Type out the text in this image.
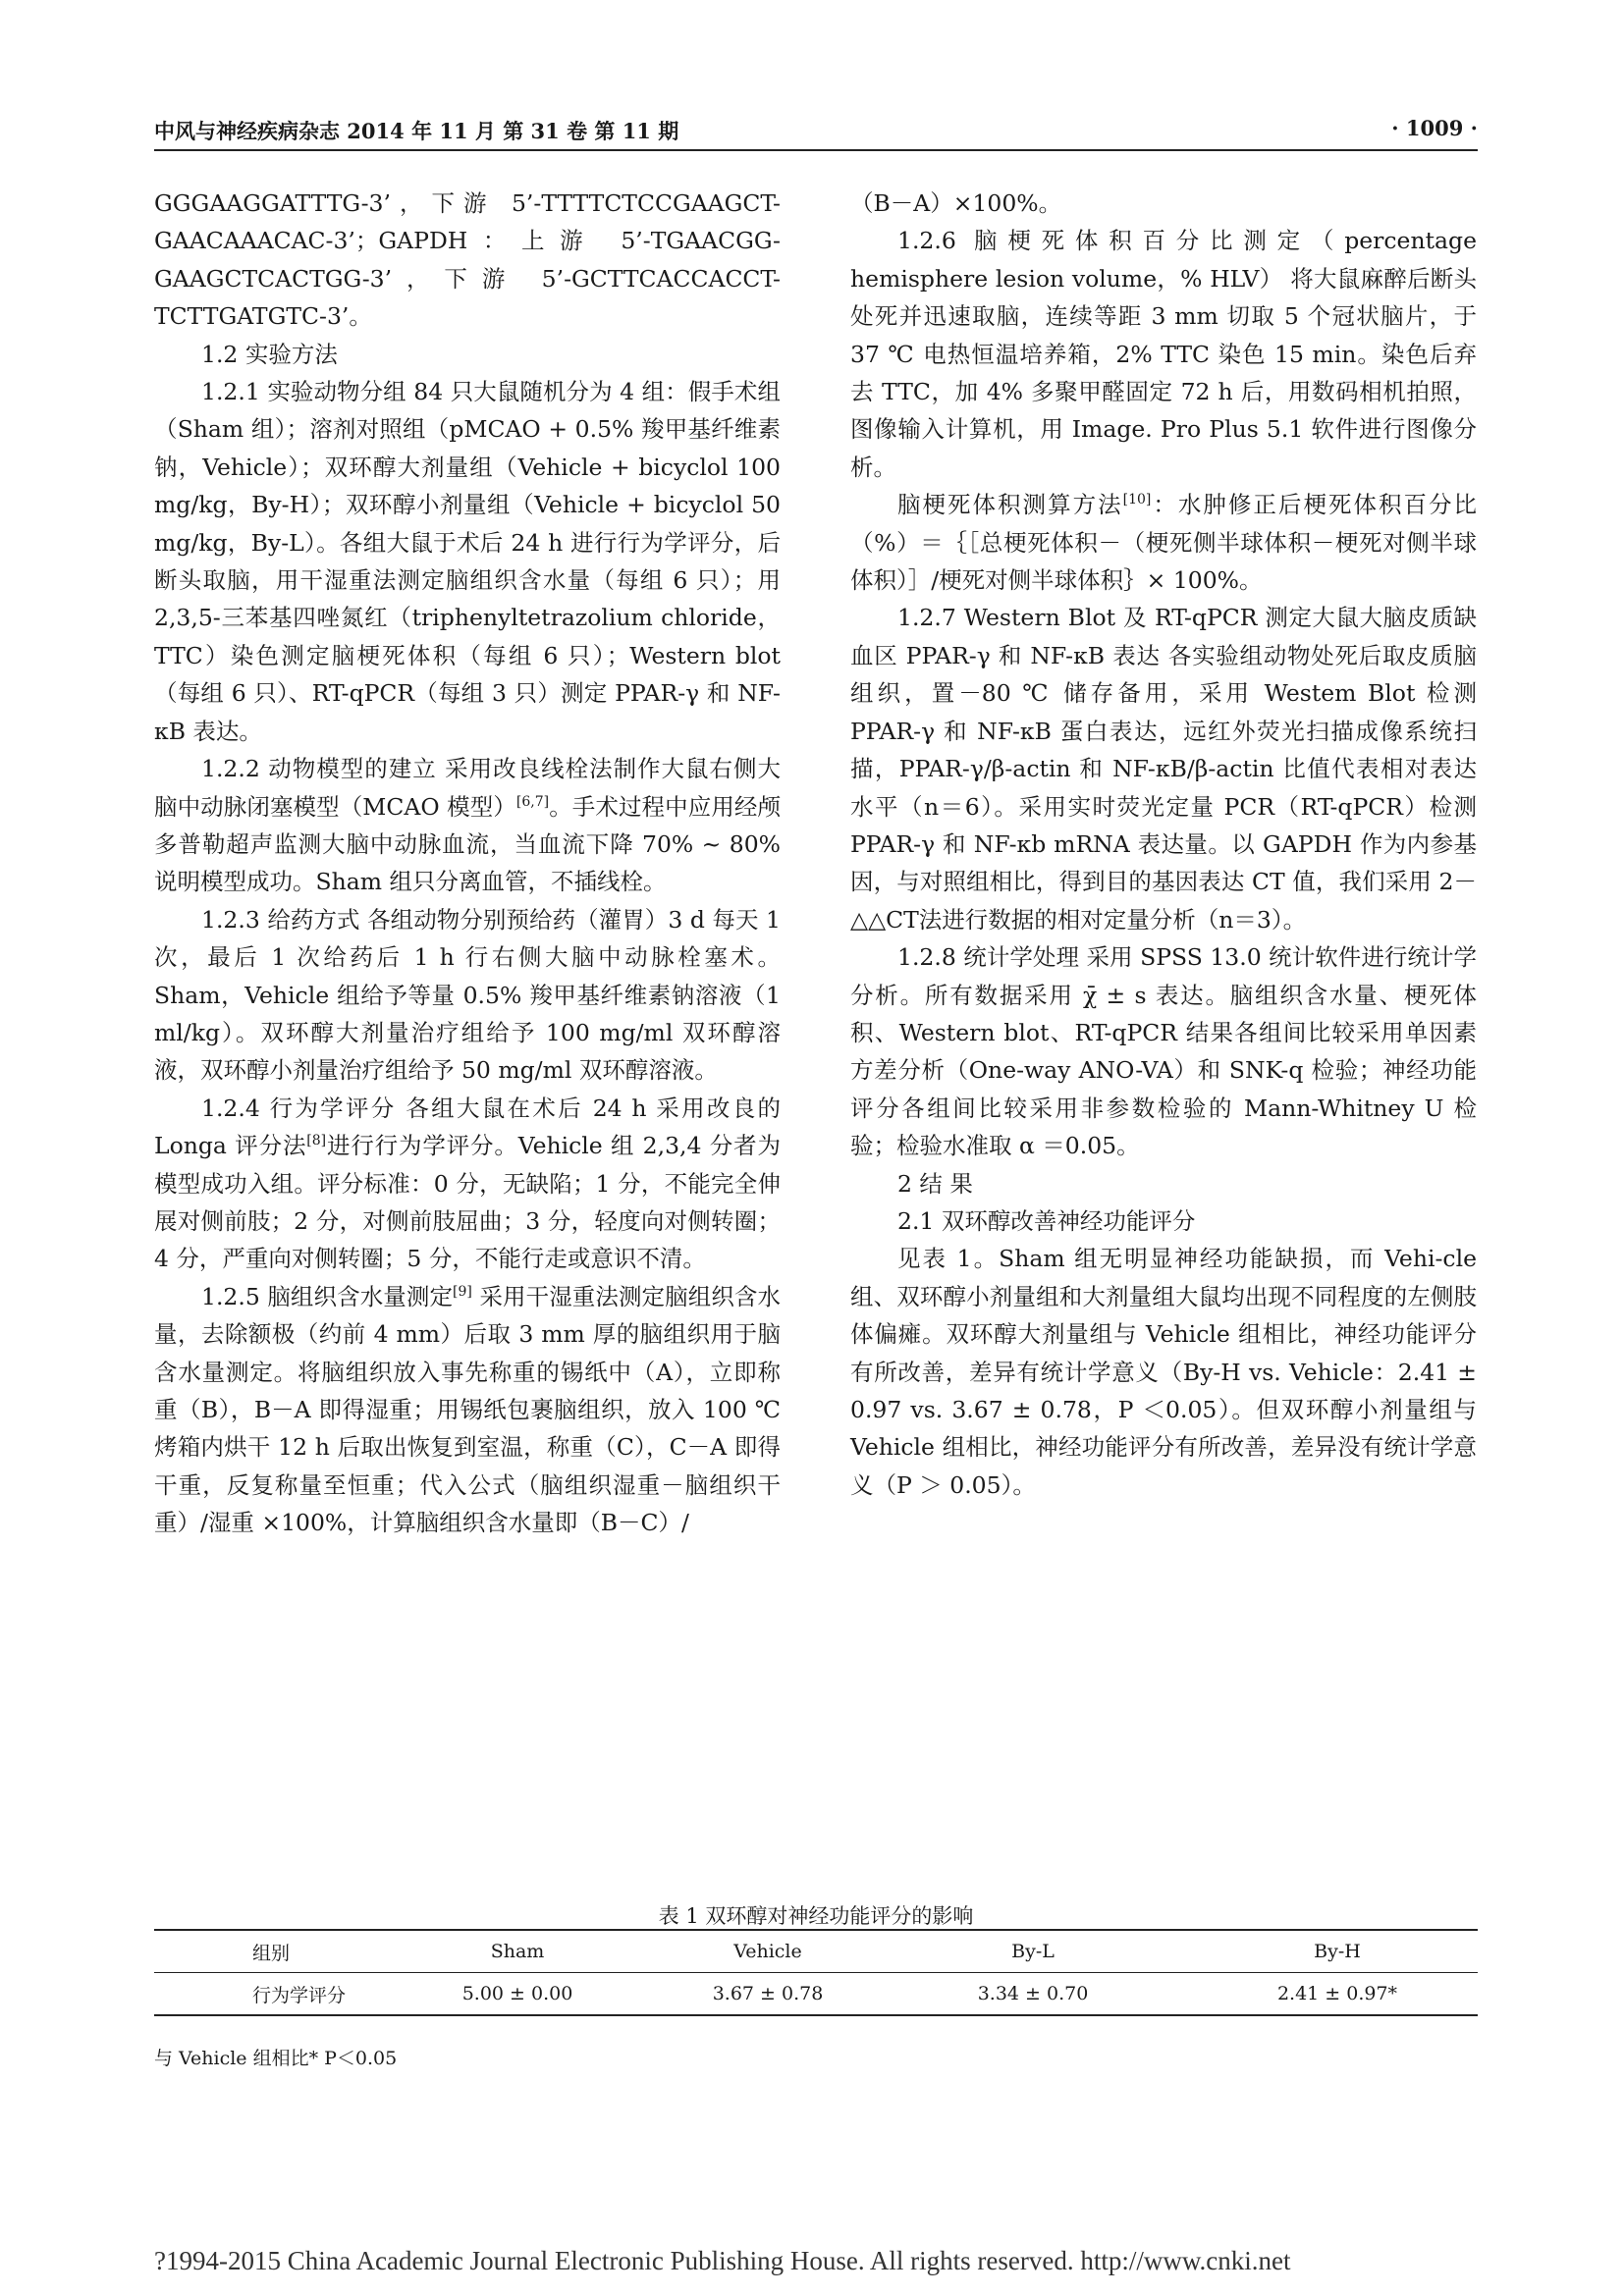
中风与神经疾病杂志 2014 年 11 月 第 31 卷 第 11 期	· 1009 ·

GGGAAGGATTTG-3’，下游 5’-TTTTCTCCGAAGCT-GAACAAACAC-3’；GAPDH：上游 5’-TGAACGG-GAAGCTCACTGG-3’，下游 5’-GCTTCACCACCT-TCTTGATGTC-3’。

1.2 实验方法

1.2.1 实验动物分组 84 只大鼠随机分为 4 组：假手术组（Sham 组）；溶剂对照组（pMCAO + 0.5% 羧甲基纤维素钠，Vehicle）；双环醇大剂量组（Vehicle + bicyclol 100 mg/kg，By-H）；双环醇小剂量组（Vehicle + bicyclol 50 mg/kg，By-L）。各组大鼠于术后 24 h 进行行为学评分，后断头取脑，用干湿重法测定脑组织含水量（每组 6 只）；用 2,3,5-三苯基四唑氮红（triphenyltetrazolium chloride，TTC）染色测定脑梗死体积（每组 6 只）；Western blot（每组 6 只）、RT-qPCR（每组 3 只）测定 PPAR-γ 和 NF-κB 表达。

1.2.2 动物模型的建立 采用改良线栓法制作大鼠右侧大脑中动脉闭塞模型（MCAO 模型）[6,7]。手术过程中应用经颅多普勒超声监测大脑中动脉血流，当血流下降 70% ~ 80% 说明模型成功。Sham 组只分离血管，不插线栓。

1.2.3 给药方式 各组动物分别预给药（灌胃）3 d 每天 1 次，最后 1 次给药后 1 h 行右侧大脑中动脉栓塞术。Sham，Vehicle 组给予等量 0.5% 羧甲基纤维素钠溶液（1 ml/kg）。双环醇大剂量治疗组给予 100 mg/ml 双环醇溶液，双环醇小剂量治疗组给予 50 mg/ml 双环醇溶液。

1.2.4 行为学评分 各组大鼠在术后 24 h 采用改良的 Longa 评分法[8]进行行为学评分。Vehicle 组 2,3,4 分者为模型成功入组。评分标准：0 分，无缺陷；1 分，不能完全伸展对侧前肢；2 分，对侧前肢屈曲；3 分，轻度向对侧转圈；4 分，严重向对侧转圈；5 分，不能行走或意识不清。

1.2.5 脑组织含水量测定[9] 采用干湿重法测定脑组织含水量，去除额极（约前 4 mm）后取 3 mm 厚的脑组织用于脑含水量测定。将脑组织放入事先称重的锡纸中（A），立即称重（B），B－A 即得湿重；用锡纸包裹脑组织，放入 100 ℃ 烤箱内烘干 12 h 后取出恢复到室温，称重（C），C－A 即得干重，反复称量至恒重；代入公式（脑组织湿重－脑组织干重）/湿重 ×100%，计算脑组织含水量即（B－C）/

（B－A）×100%。

1.2.6 脑梗死体积百分比测定（percentage hemisphere lesion volume，% HLV） 将大鼠麻醉后断头处死并迅速取脑，连续等距 3 mm 切取 5 个冠状脑片，于 37 ℃ 电热恒温培养箱，2% TTC 染色 15 min。染色后弃去 TTC，加 4% 多聚甲醛固定 72 h 后，用数码相机拍照，图像输入计算机，用 Image. Pro Plus 5.1 软件进行图像分析。

脑梗死体积测算方法[10]：水肿修正后梗死体积百分比（%）＝｛［总梗死体积－（梗死侧半球体积－梗死对侧半球体积）］/梗死对侧半球体积｝× 100%。

1.2.7 Western Blot 及 RT-qPCR 测定大鼠大脑皮质缺血区 PPAR-γ 和 NF-κB 表达 各实验组动物处死后取皮质脑组织，置－80 ℃ 储存备用，采用 Westem Blot 检测 PPAR-γ 和 NF-κB 蛋白表达，远红外荧光扫描成像系统扫描，PPAR-γ/β-actin 和 NF-κB/β-actin 比值代表相对表达水平（n＝6）。采用实时荧光定量 PCR（RT-qPCR）检测 PPAR-γ 和 NF-κb mRNA 表达量。以 GAPDH 作为内参基因，与对照组相比，得到目的基因表达 CT 值，我们采用 2－△△CT法进行数据的相对定量分析（n＝3）。

1.2.8 统计学处理 采用 SPSS 13.0 统计软件进行统计学分析。所有数据采用 χ̄ ± s 表达。脑组织含水量、梗死体积、Western blot、RT-qPCR 结果各组间比较采用单因素方差分析（One-way ANO-VA）和 SNK-q 检验；神经功能评分各组间比较采用非参数检验的 Mann-Whitney U 检验；检验水准取 α ＝0.05。

2 结 果

2.1 双环醇改善神经功能评分

见表 1。Sham 组无明显神经功能缺损，而 Vehi-cle 组、双环醇小剂量组和大剂量组大鼠均出现不同程度的左侧肢体偏瘫。双环醇大剂量组与 Vehicle 组相比，神经功能评分有所改善，差异有统计学意义（By-H vs. Vehicle：2.41 ± 0.97 vs. 3.67 ± 0.78，P ＜0.05）。但双环醇小剂量组与 Vehicle 组相比，神经功能评分有所改善，差异没有统计学意义（P ＞ 0.05）。

表 1 双环醇对神经功能评分的影响
组别	Sham	Vehicle	By-L	By-H
行为学评分	5.00 ± 0.00	3.67 ± 0.78	3.34 ± 0.70	2.41 ± 0.97*
与 Vehicle 组相比* P＜0.05
?1994-2015 China Academic Journal Electronic Publishing House. All rights reserved. http://www.cnki.net
